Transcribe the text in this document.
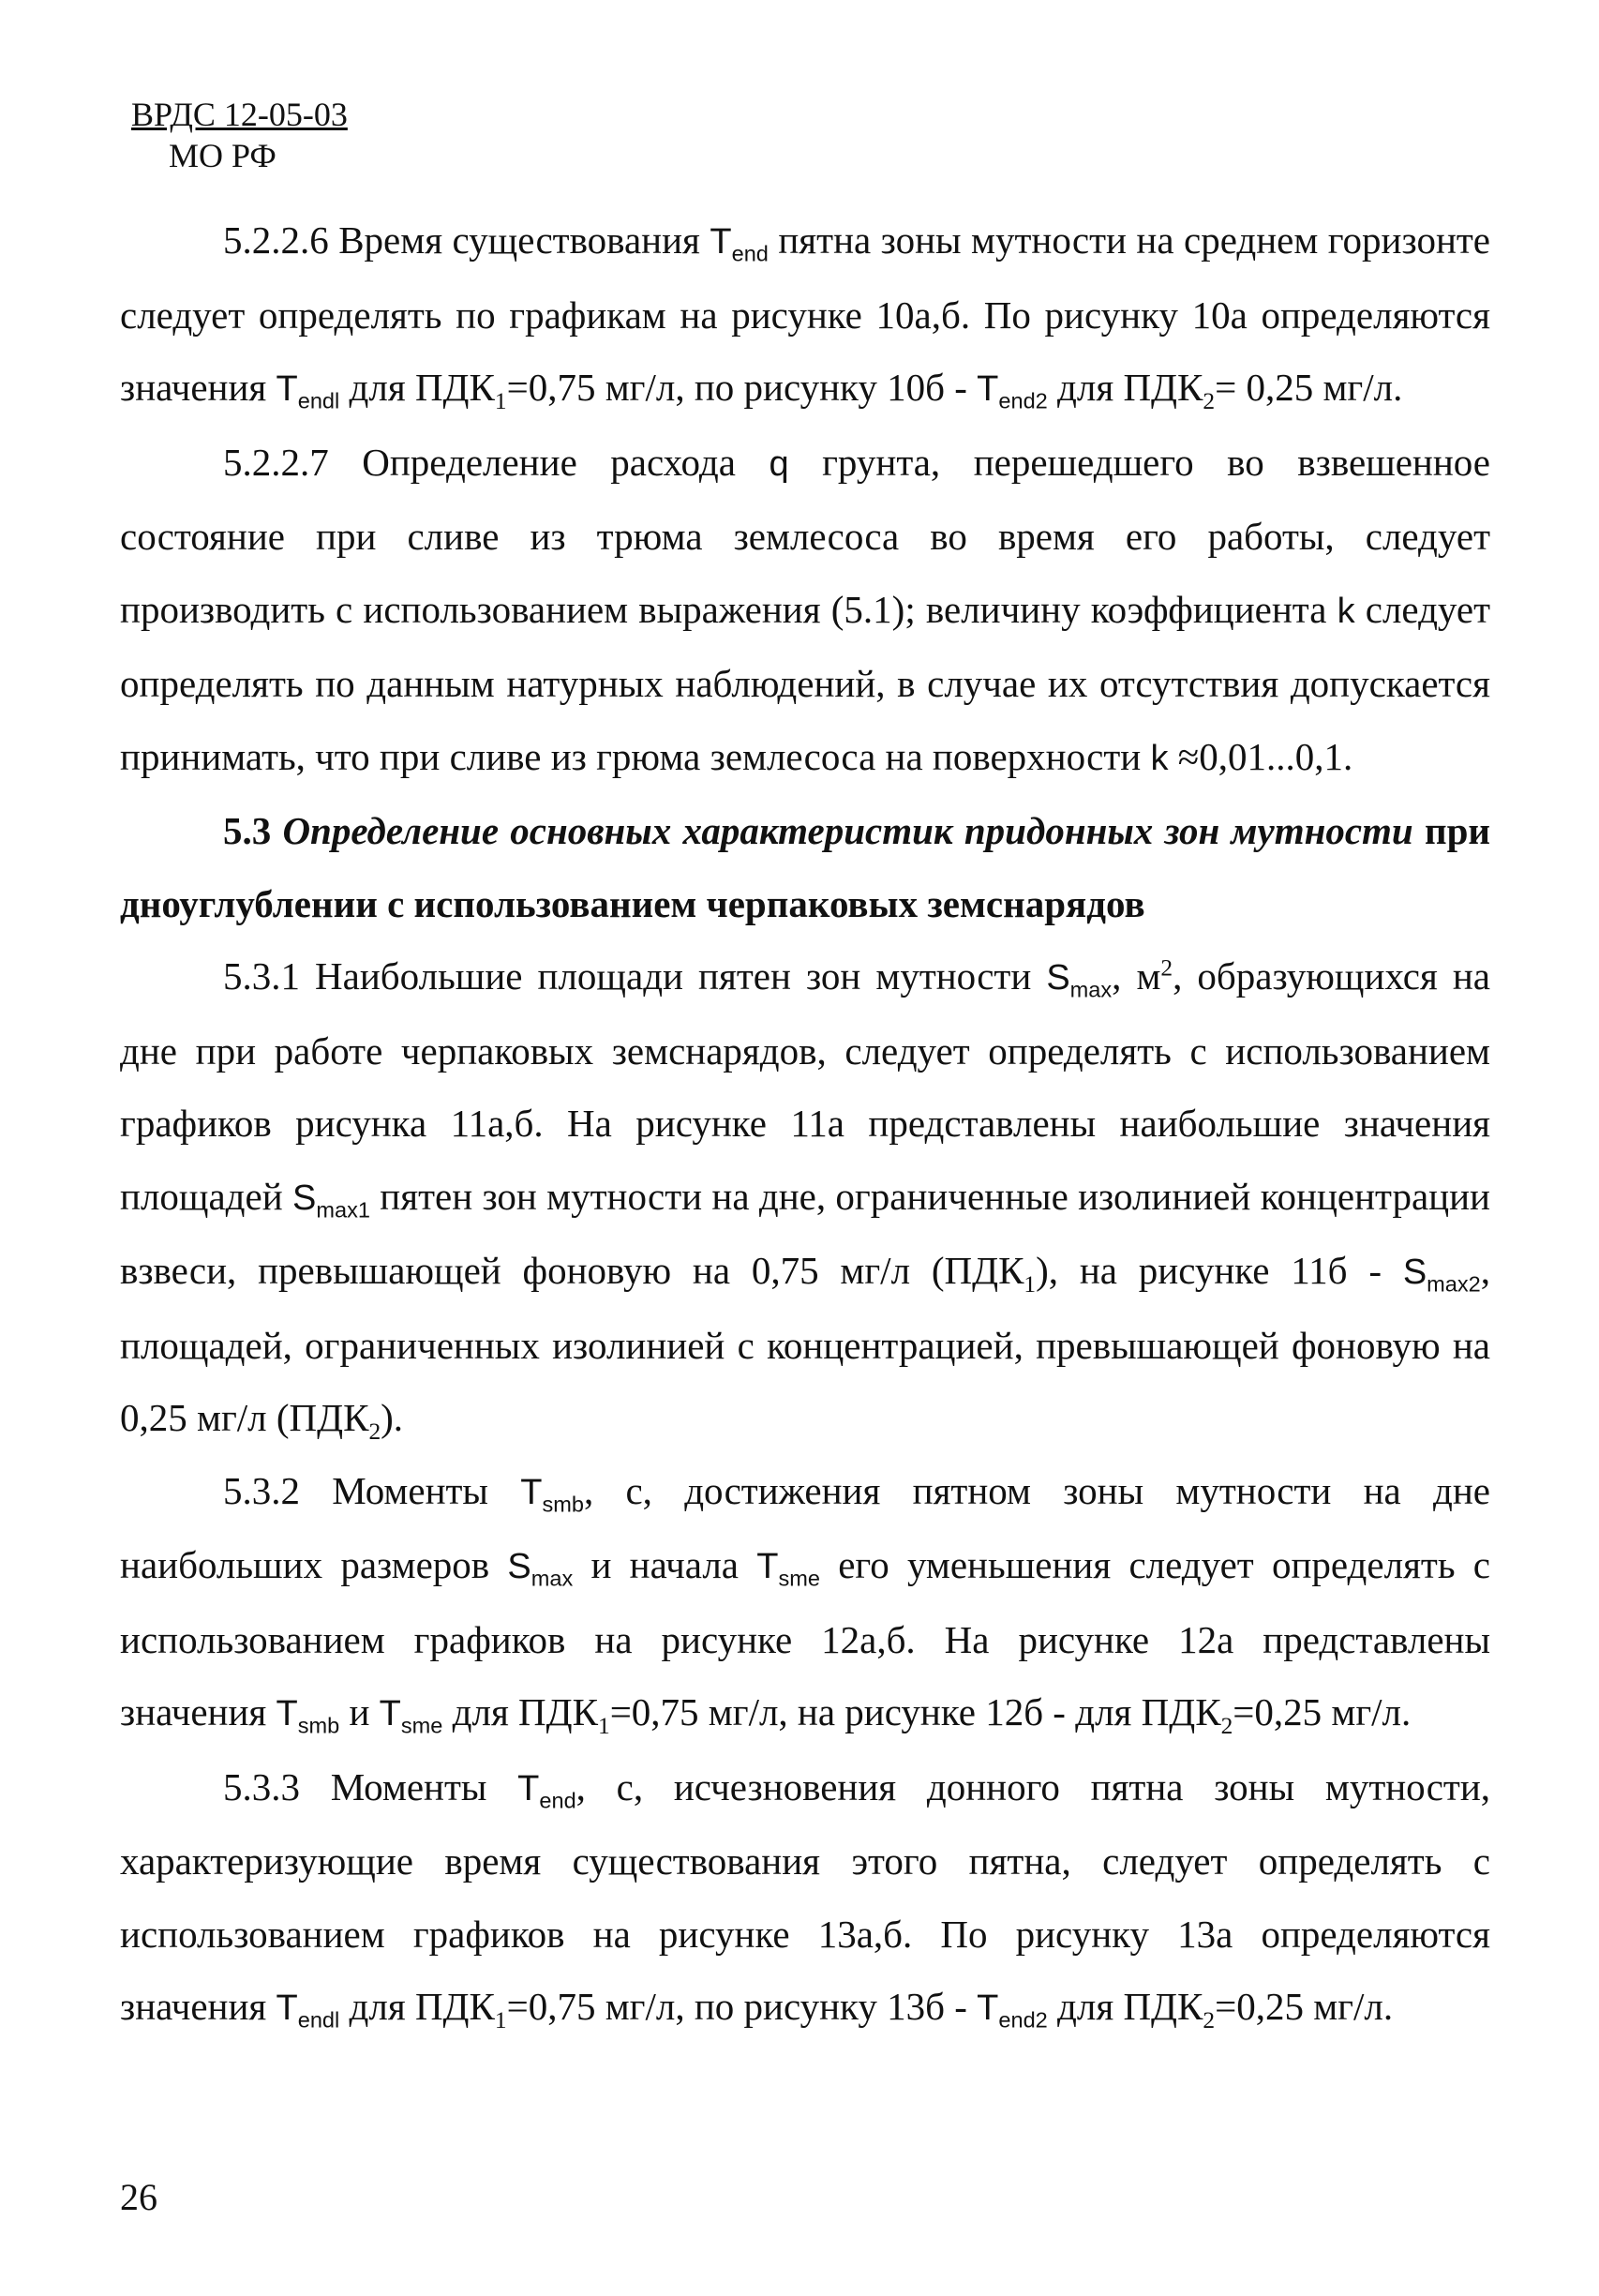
ВРДС 12-05-03
МО РФ

5.2.2.6 Время существования $T_{end}$ пятна зоны мутности на среднем горизонте следует определять по графикам на рисунке 10а,б. По рисунку 10а определяются значения $T_{endl}$ для $ПДК_1=0,75$ мг/л, по рисунку $10б - T_{end2}$ для $ПДК_2= 0,25$ мг/л.

5.2.2.7 Определение расхода q грунта, перешедшего во взвешенное состояние при сливе из трюма землесоса во время его работы, следует производить с использованием выражения (5.1); величину коэффициента k следует определять по данным натурных наблюдений, в случае их отсутствия допускается принимать, что при сливе из грюма землесоса на поверхности k ≈0,01...0,1.

5.3 Определение основных характеристик придонных зон мутности при дноуглублении с использованием черпаковых земснарядов

5.3.1 Наибольшие площади пятен зон мутности $S_{max}$, $м^2$, образующихся на дне при работе черпаковых земснарядов, следует определять с использованием графиков рисунка 11а,б. На рисунке 11а представлены наибольшие значения площадей $S_{max1}$ пятен зон мутности на дне, ограниченные изолинией концентрации взвеси, превышающей фоновую на 0,75 мг/л $(ПДК_1)$, на рисунке $11б - S_{max2}$, площадей, ограниченных изолинией с концентрацией, превышающей фоновую на 0,25 мг/л $(ПДК_2)$.

5.3.2 Моменты $T_{smb}$, с, достижения пятном зоны мутности на дне наибольших размеров $S_{max}$ и начала $T_{sme}$ его уменьшения следует определять с использованием графиков на рисунке 12а,б. На рисунке 12а представлены значения $T_{smb}$ и $T_{sme}$ для $ПДК_1=0,75$ мг/л, на рисунке 12б - для $ПДК_2=0,25$ мг/л.

5.3.3 Моменты $T_{end}$, с, исчезновения донного пятна зоны мутности, характеризующие время существования этого пятна, следует определять с использованием графиков на рисунке 13а,б. По рисунку 13а определяются значения $T_{endl}$ для $ПДК_1=0,75$ мг/л, по рисунку $13б - T_{end2}$ для $ПДК_2=0,25$ мг/л.

26
